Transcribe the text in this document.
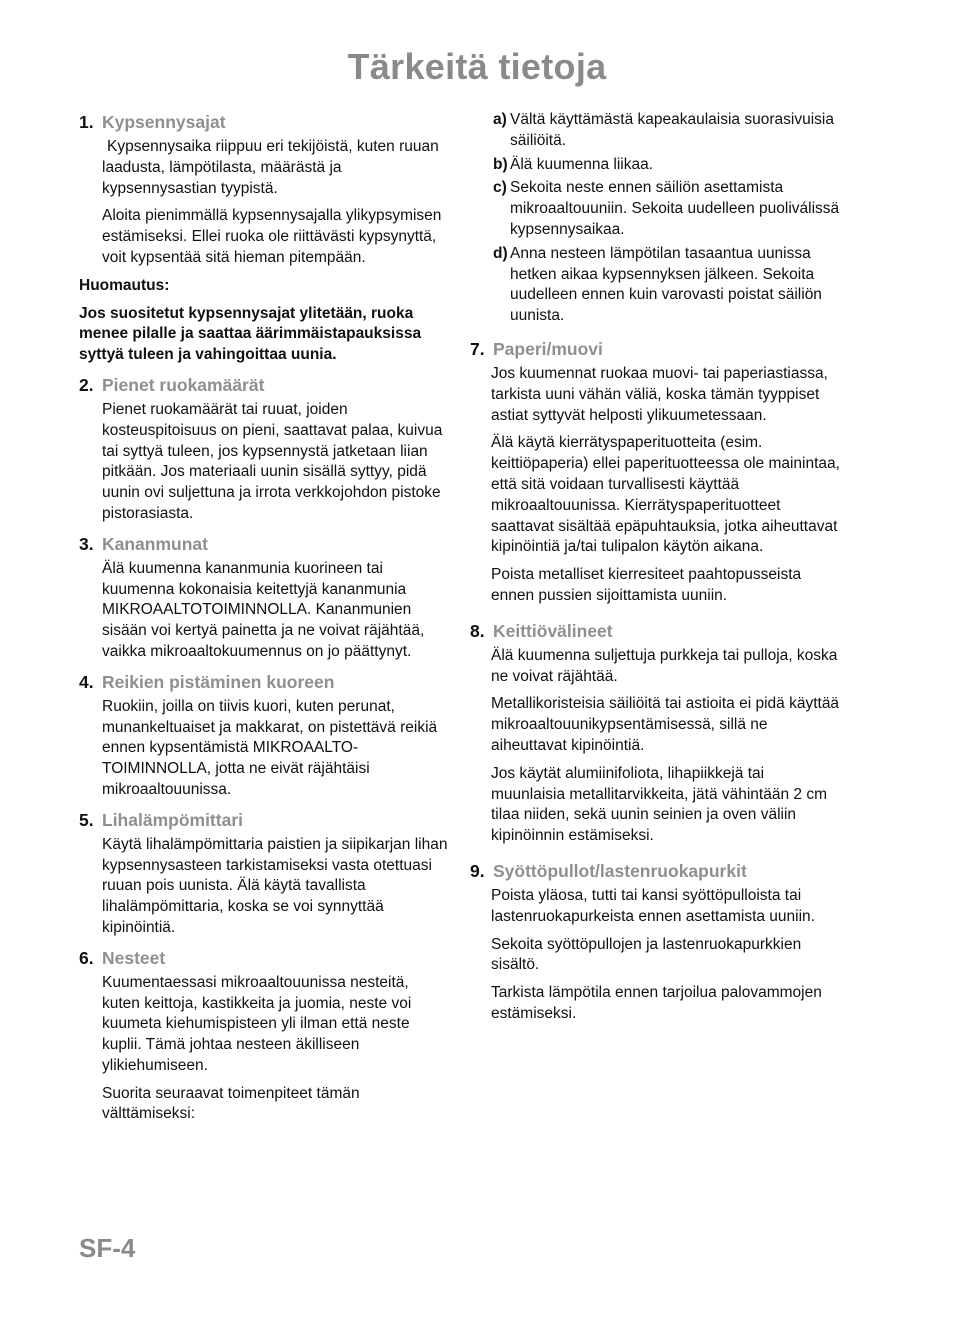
Tärkeitä tietoja
1. Kypsennysajat

Kypsennysaika riippuu eri tekijöistä, kuten ruuan laadusta, lämpötilasta, määrästä ja kypsennysastian tyypistä.

Aloita pienimmällä kypsennysajalla ylikypsymisen estämiseksi. Ellei ruoka ole riittävästi kypsynyttä, voit kypsentää sitä hieman pitempään.

Huomautus:

Jos suositetut kypsennysajat ylitetään, ruoka menee pilalle ja saattaa äärimmäistapauksissa syttyä tuleen ja vahingoittaa uunia.

2. Pienet ruokamäärät

Pienet ruokamäärät tai ruuat, joiden kosteuspitoisuus on pieni, saattavat palaa, kuivua tai syttyä tuleen, jos kypsennystä jatketaan liian pitkään. Jos materiaali uunin sisällä syttyy, pidä uunin ovi suljettuna ja irrota verkkojohdon pistoke pistorasiasta.

3. Kananmunat

Älä kuumenna kananmunia kuorineen tai kuumenna kokonaisia keitettyjä kananmunia MIKROAALTOTOIMINNOLLA. Kananmunien sisään voi kertyä painetta ja ne voivat räjähtää, vaikka mikroaaltokuumennus on jo päättynyt.

4. Reikien pistäminen kuoreen

Ruokiin, joilla on tiivis kuori, kuten perunat, munankeltuaiset ja makkarat, on pistettävä reikiä ennen kypsentämistä MIKROAALTO-TOIMINNOLLA, jotta ne eivät räjähtäisi mikroaaltouunissa.

5. Lihalämpömittari

Käytä lihalämpömittaria paistien ja siipikarjan lihan kypsennysasteen tarkistamiseksi vasta otettuasi ruuan pois uunista. Älä käytä tavallista lihalämpömittaria, koska se voi synnyttää kipinöintiä.

6. Nesteet

Kuumentaessasi mikroaaltouunissa nesteitä, kuten keittoja, kastikkeita ja juomia, neste voi kuumeta kiehumispisteen yli ilman että neste kuplii. Tämä johtaa nesteen äkilliseen ylikiehumiseen.

Suorita seuraavat toimenpiteet tämän välttämiseksi:

a) Vältä käyttämästä kapeakaulaisia suorasivuisia säiliöitä.
b) Älä kuumenna liikaa.
c) Sekoita neste ennen säiliön asettamista mikroaaltouuniin. Sekoita uudelleen puoliválissä kypsennysaikaa.
d) Anna nesteen lämpötilan tasaantua uunissa hetken aikaa kypsennyksen jälkeen. Sekoita uudelleen ennen kuin varovasti poistat säiliön uunista.
7. Paperi/muovi

Jos kuumennat ruokaa muovi- tai paperiastiassa, tarkista uuni vähän väliä, koska tämän tyyppiset astiat syttyvät helposti ylikuumetessaan.

Älä käytä kierrätyspaperituotteita (esim. keittiöpaperia) ellei paperituotteessa ole mainintaa, että sitä voidaan turvallisesti käyttää mikroaaltouunissa. Kierrätyspaperituotteet saattavat sisältää epäpuhtauksia, jotka aiheuttavat kipinöintiä ja/tai tulipalon käytön aikana.

Poista metalliset kierresiteet paahtopusseista ennen pussien sijoittamista uuniin.

8. Keittiövälineet

Älä kuumenna suljettuja purkkeja tai pulloja, koska ne voivat räjähtää.

Metallikoristeisia säiliöitä tai astioita ei pidä käyttää mikroaaltouunikypsentämisessä, sillä ne aiheuttavat kipinöintiä.

Jos käytät alumiinifoliota, lihapiikkejä tai muunlaisia metallitarvikkeita, jätä vähintään 2 cm tilaa niiden, sekä uunin seinien ja oven väliin kipinöinnin estämiseksi.

9. Syöttöpullot/lastenruokapurkit

Poista yläosa, tutti tai kansi syöttöpulloista tai lastenruokapurkeista ennen asettamista uuniin.

Sekoita syöttöpullojen ja lastenruokapurkkien sisältö.

Tarkista lämpötila ennen tarjoilua palovammojen estämiseksi.

SF-4
